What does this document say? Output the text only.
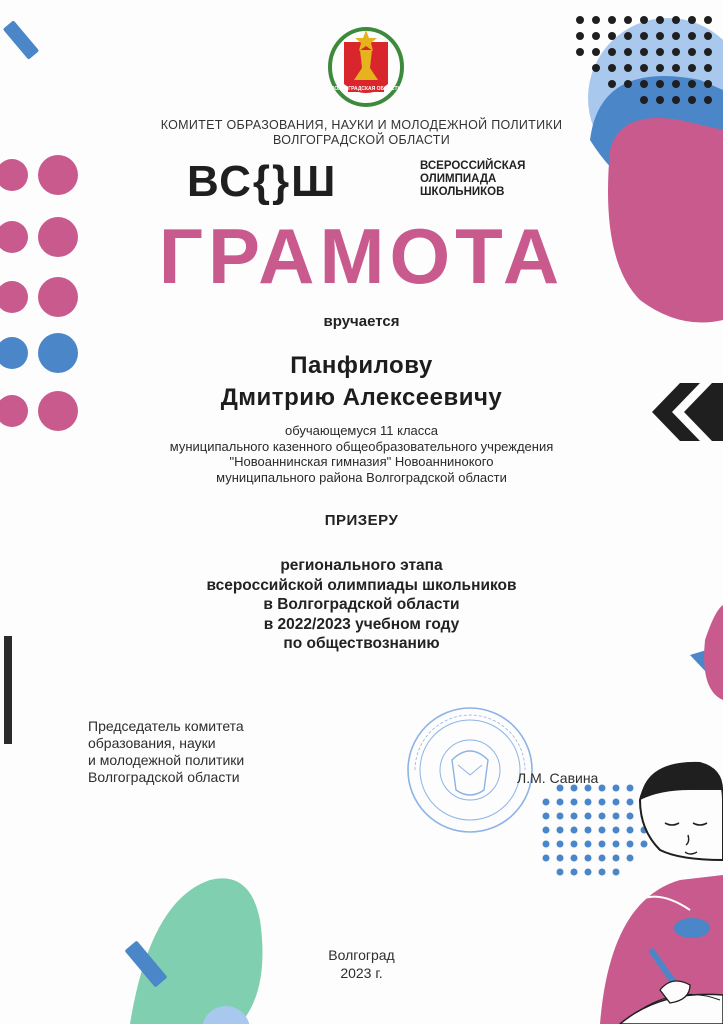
ВОЛГОГРАДСКАЯ ОБЛАСТЬ
КОМИТЕТ ОБРАЗОВАНИЯ, НАУКИ И МОЛОДЕЖНОЙ ПОЛИТИКИ
ВОЛГОГРАДСКОЙ ОБЛАСТИ
ВС{}Ш	ВСЕРОССИЙСКАЯ
ОЛИМПИАДА
ШКОЛЬНИКОВ
ГРАМОТА
вручается
Панфилову
Дмитрию Алексеевичу
обучающемуся 11 класса
муниципального казенного общеобразовательного учреждения
"Новоаннинская гимназия" Новоаннинокого
муниципального района Волгоградской области
ПРИЗЕРУ
регионального этапа
всероссийской олимпиады школьников
в Волгоградской области
в 2022/2023 учебном году
по обществознанию
Председатель комитета
образования, науки
и молодежной политики
Волгоградской области	Л.М. Савина
Волгоград
2023 г.
